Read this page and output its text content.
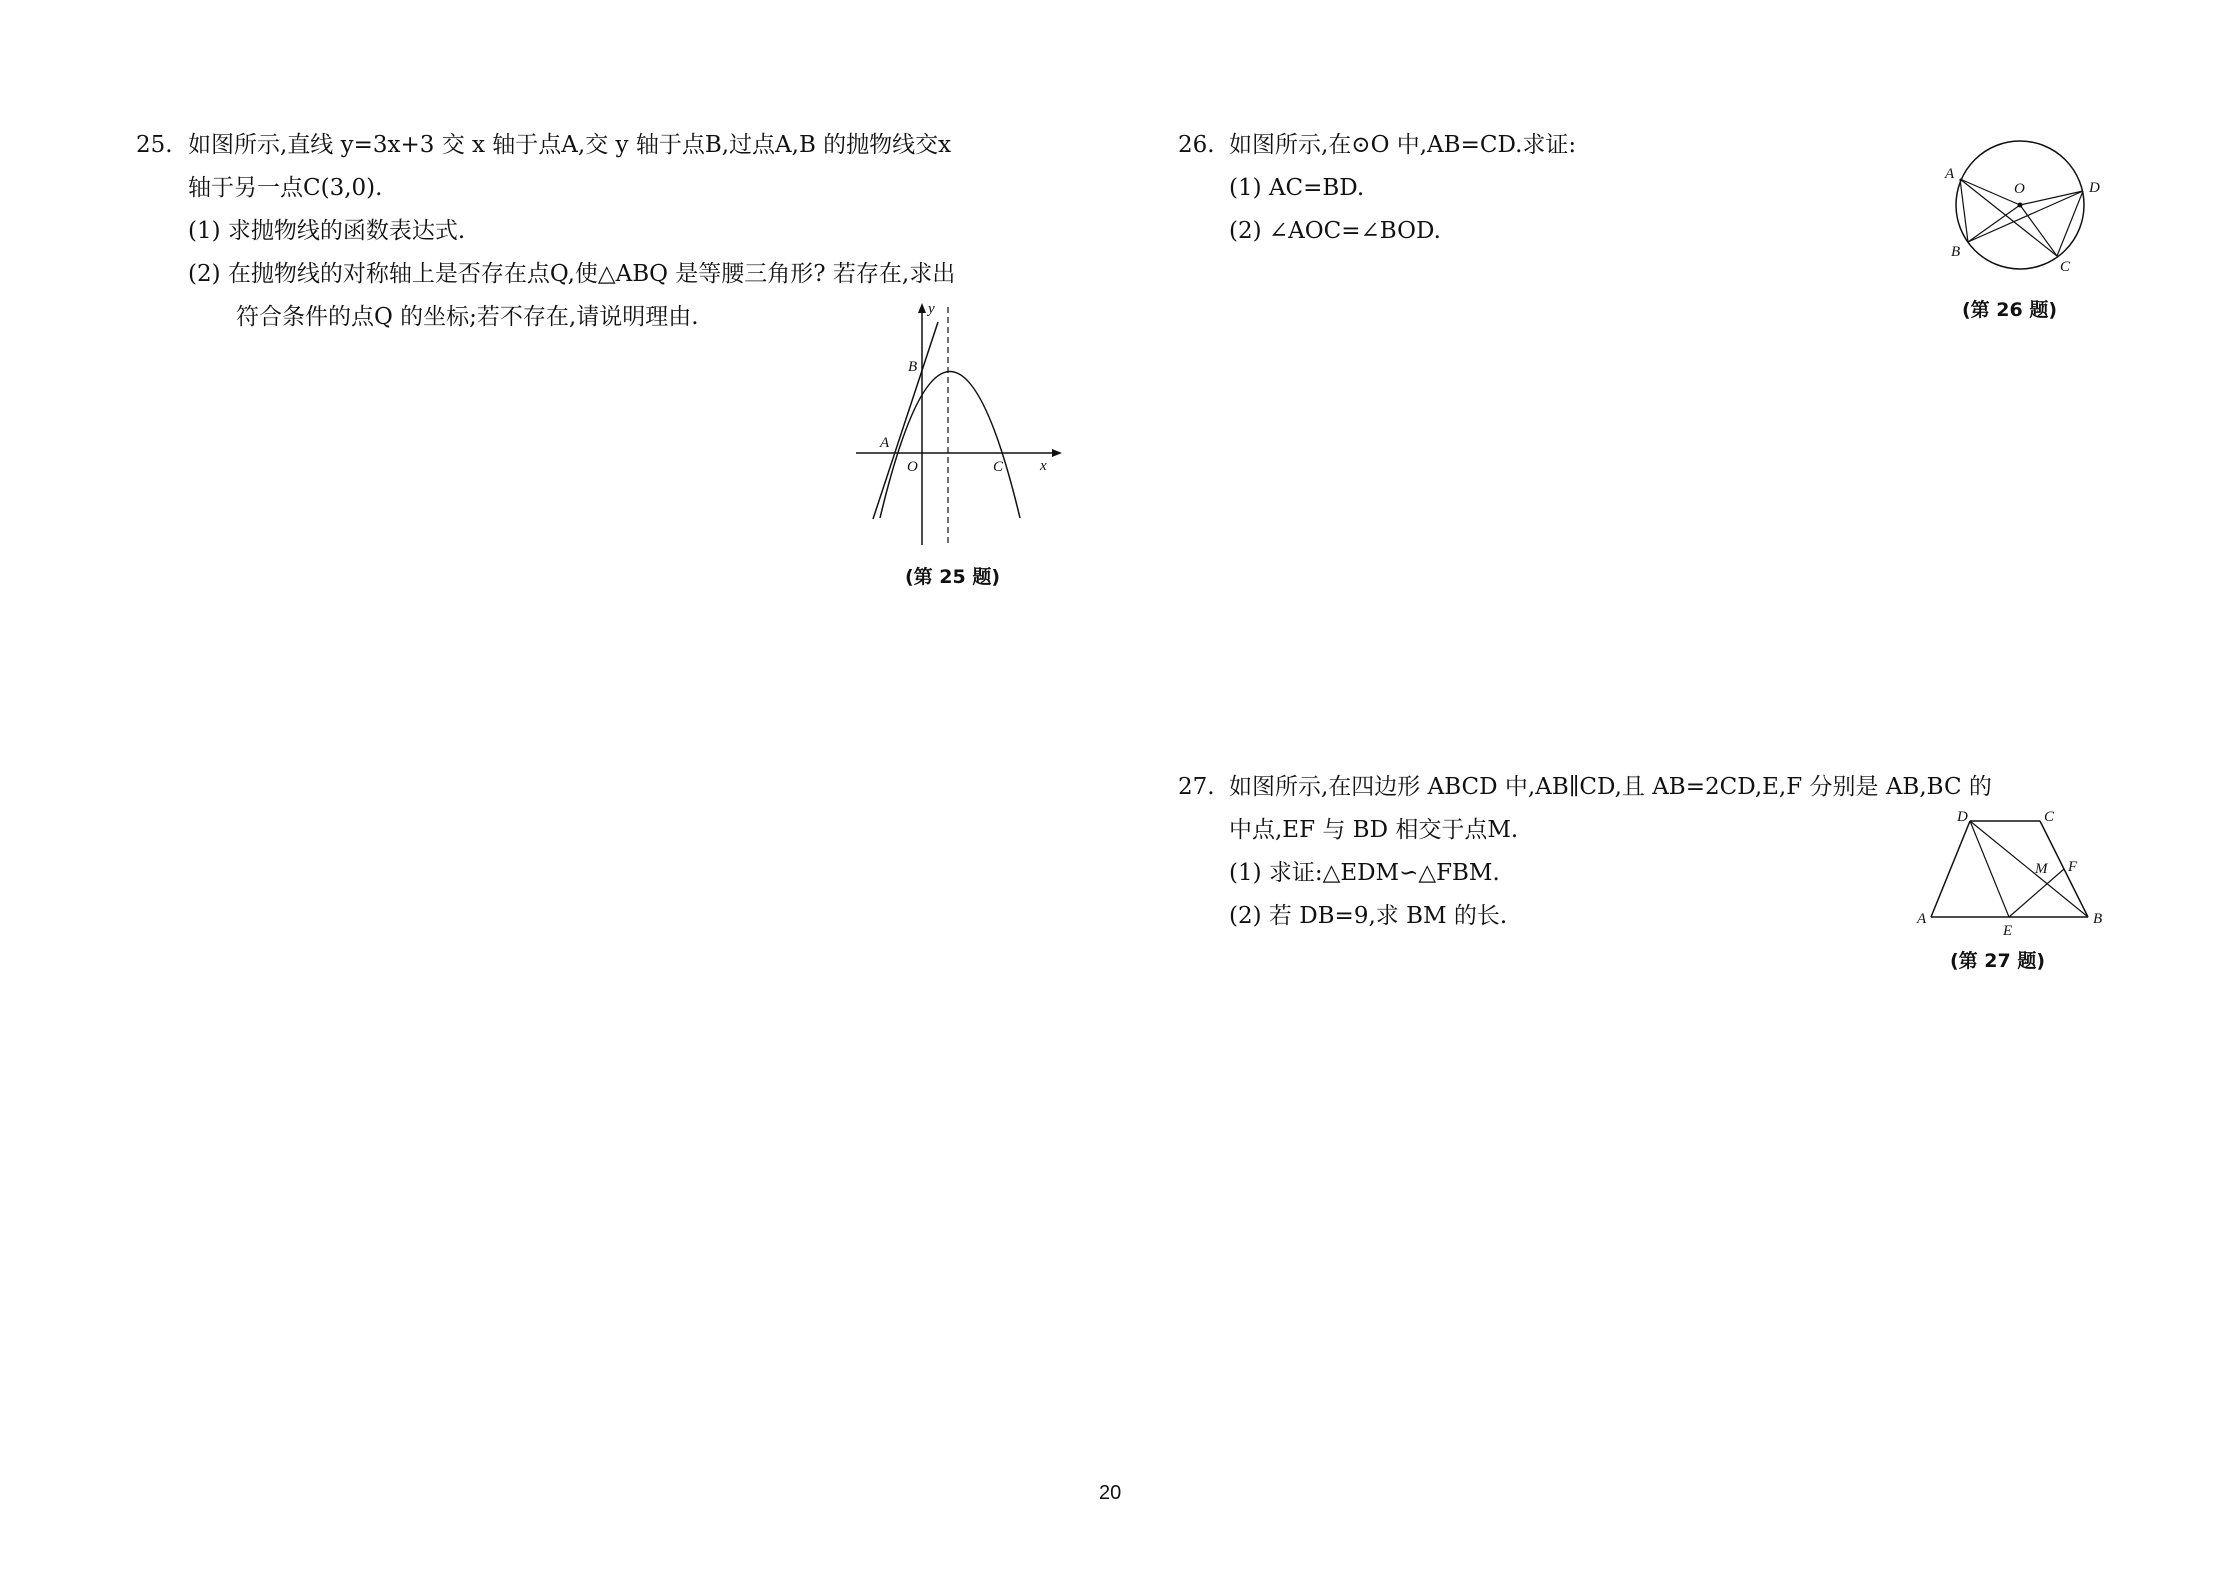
25. 如图所示,直线 y=3x+3 交 x 轴于点A,交 y 轴于点B,过点A,B 的抛物线交x
轴于另一点C(3,0).
(1) 求抛物线的函数表达式.
(2) 在抛物线的对称轴上是否存在点Q,使△ABQ 是等腰三角形? 若存在,求出
符合条件的点Q 的坐标;若不存在,请说明理由.	y
x
B
A
O	C
(第 25 题)
26. 如图所示,在⊙O 中,AB=CD.求证:
(1) AC=BD.
(2) ∠AOC=∠BOD.
A
O	D
B
C
(第 26 题)
27. 如图所示,在四边形 ABCD 中,AB∥CD,且 AB=2CD,E,F 分别是 AB,BC 的
中点,EF 与 BD 相交于点M.
(1) 求证:△EDM∽△FBM.
(2) 若 DB=9,求 BM 的长.
D	C
M F
A
E
B
(第 27 题)
20
